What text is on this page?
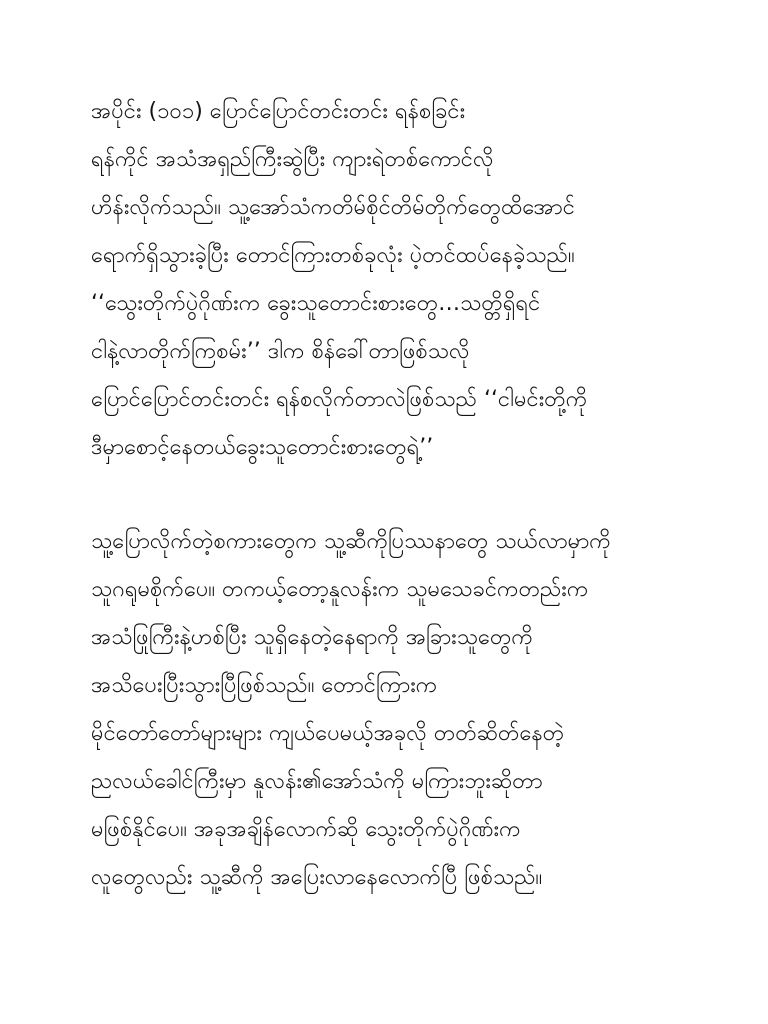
အပိုင်း (၁၀၁) ပြောင်ပြောင်တင်းတင်း ရန်စခြင်း
ရန်ကိုင် အသံအရှည်ကြီးဆွဲပြီး ကျားရဲတစ်ကောင်လို
ဟိန်းလိုက်သည်။ သူ့အော်သံကတိမ်စိုင်တိမ်တိုက်တွေထိအောင်
ရောက်ရှိသွားခဲ့ပြီး တောင်ကြားတစ်ခုလုံး ပဲ့တင်ထပ်နေခဲ့သည်။
‘‘သွေးတိုက်ပွဲဂိုဏ်းက ခွေးသူတောင်းစားတွေ…သတ္တိရှိရင်
ငါနဲ့လာတိုက်ကြစမ်း’’ ဒါက စိန်ခေါ်တာဖြစ်သလို
ပြောင်ပြောင်တင်းတင်း ရန်စလိုက်တာလဲဖြစ်သည် ‘‘ငါမင်းတို့ကို
ဒီမှာစောင့်နေတယ်ခွေးသူတောင်းစားတွေရဲ့’’
သူ့ပြောလိုက်တဲ့စကားတွေက သူ့ဆီကိုပြဿနာတွေ သယ်လာမှာကို
သူဂရုမစိုက်ပေ။ တကယ့်တော့နူလန်းက သူမသေခင်ကတည်းက
အသံဖြုကြီးနဲ့ဟစ်ပြီး သူရှိနေတဲ့နေရာကို အခြားသူတွေကို
အသိပေးပြီးသွားပြီဖြစ်သည်။ တောင်ကြားက
မိုင်တော်တော်များများ ကျယ်ပေမယ့်အခုလို တတ်ဆိတ်နေတဲ့
ညလယ်ခေါင်ကြီးမှာ နူလန်း၏အော်သံကို မကြားဘူးဆိုတာ
မဖြစ်နိုင်ပေ။ အခုအချိန်လောက်ဆို သွေးတိုက်ပွဲဂိုဏ်းက
လူတွေလည်း သူ့ဆီကို အပြေးလာနေလောက်ပြီ ဖြစ်သည်။
